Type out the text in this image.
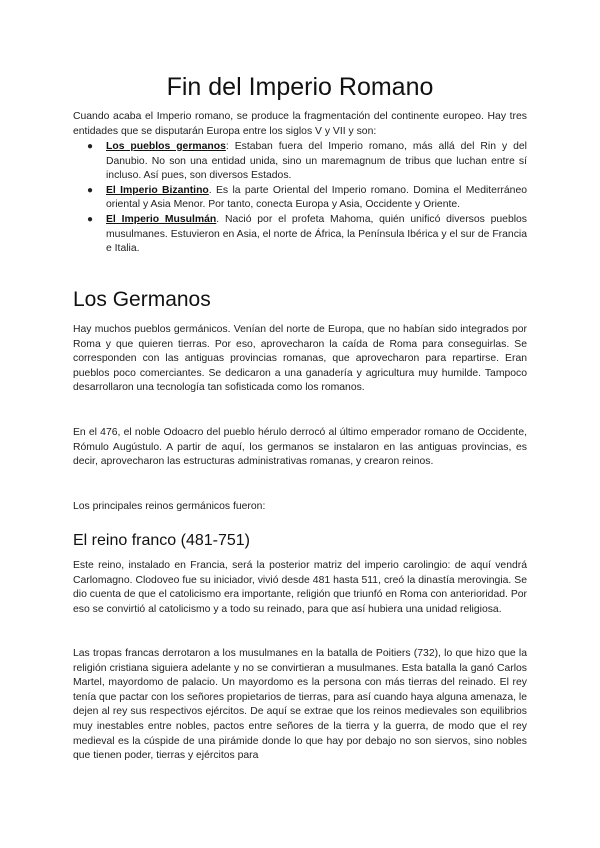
Fin del Imperio Romano

Cuando acaba el Imperio romano, se produce la fragmentación del continente europeo. Hay tres entidades que se disputarán Europa entre los siglos V y VII y son:

● Los pueblos germanos: Estaban fuera del Imperio romano, más allá del Rin y del Danubio. No son una entidad unida, sino un maremagnum de tribus que luchan entre sí incluso. Así pues, son diversos Estados.
● El Imperio Bizantino. Es la parte Oriental del Imperio romano. Domina el Mediterráneo oriental y Asia Menor. Por tanto, conecta Europa y Asia, Occidente y Oriente.
● El Imperio Musulmán. Nació por el profeta Mahoma, quién unificó diversos pueblos musulmanes. Estuvieron en Asia, el norte de África, la Península Ibérica y el sur de Francia e Italia.
Los Germanos

Hay muchos pueblos germánicos. Venían del norte de Europa, que no habían sido integrados por Roma y que quieren tierras. Por eso, aprovecharon la caída de Roma para conseguirlas. Se corresponden con las antiguas provincias romanas, que aprovecharon para repartirse. Eran pueblos poco comerciantes. Se dedicaron a una ganadería y agricultura muy humilde. Tampoco desarrollaron una tecnología tan sofisticada como los romanos.

En el 476, el noble Odoacro del pueblo hérulo derrocó al último emperador romano de Occidente, Rómulo Augústulo. A partir de aquí, los germanos se instalaron en las antiguas provincias, es decir, aprovecharon las estructuras administrativas romanas, y crearon reinos.

Los principales reinos germánicos fueron:

El reino franco (481-751)

Este reino, instalado en Francia, será la posterior matriz del imperio carolingio: de aquí vendrá Carlomagno. Clodoveo fue su iniciador, vivió desde 481 hasta 511, creó la dinastía merovingia. Se dio cuenta de que el catolicismo era importante, religión que triunfó en Roma con anterioridad. Por eso se convirtió al catolicismo y a todo su reinado, para que así hubiera una unidad religiosa.

Las tropas francas derrotaron a los musulmanes en la batalla de Poitiers (732), lo que hizo que la religión cristiana siguiera adelante y no se convirtieran a musulmanes. Esta batalla la ganó Carlos Martel, mayordomo de palacio. Un mayordomo es la persona con más tierras del reinado. El rey tenía que pactar con los señores propietarios de tierras, para así cuando haya alguna amenaza, le dejen al rey sus respectivos ejércitos. De aquí se extrae que los reinos medievales son equilibrios muy inestables entre nobles, pactos entre señores de la tierra y la guerra, de modo que el rey medieval es la cúspide de una pirámide donde lo que hay por debajo no son siervos, sino nobles que tienen poder, tierras y ejércitos para
